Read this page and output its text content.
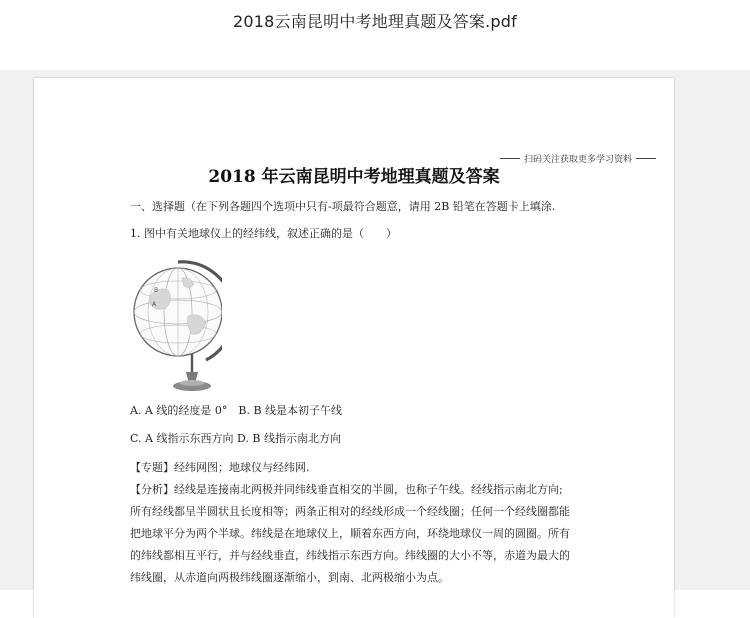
2018云南昆明中考地理真题及答案.pdf
扫码关注获取更多学习资料
2018 年云南昆明中考地理真题及答案
一、选择题（在下列各题四个选项中只有-项最符合题意，请用 2B 铅笔在答题卡上填涂.
1. 图中有关地球仪上的经纬线，叙述正确的是（　　）
B
A
A. A 线的经度是 0°　B. B 线是本初子午线
C. A 线指示东西方向 D. B 线指示南北方向
【专题】经纬网图；地球仪与经纬网.
【分析】经线是连接南北两极并同纬线垂直相交的半圆，也称子午线。经线指示南北方向;
所有经线都呈半圆状且长度相等；两条正相对的经线形成一个经线圈；任何一个经线圈都能
把地球平分为两个半球。纬线是在地球仪上，顺着东西方向，环绕地球仪一周的圆圈。所有
的纬线都相互平行，并与经线垂直，纬线指示东西方向。纬线圈的大小不等，赤道为最大的
纬线圈，从赤道向两极纬线圈逐渐缩小，到南、北两极缩小为点。
